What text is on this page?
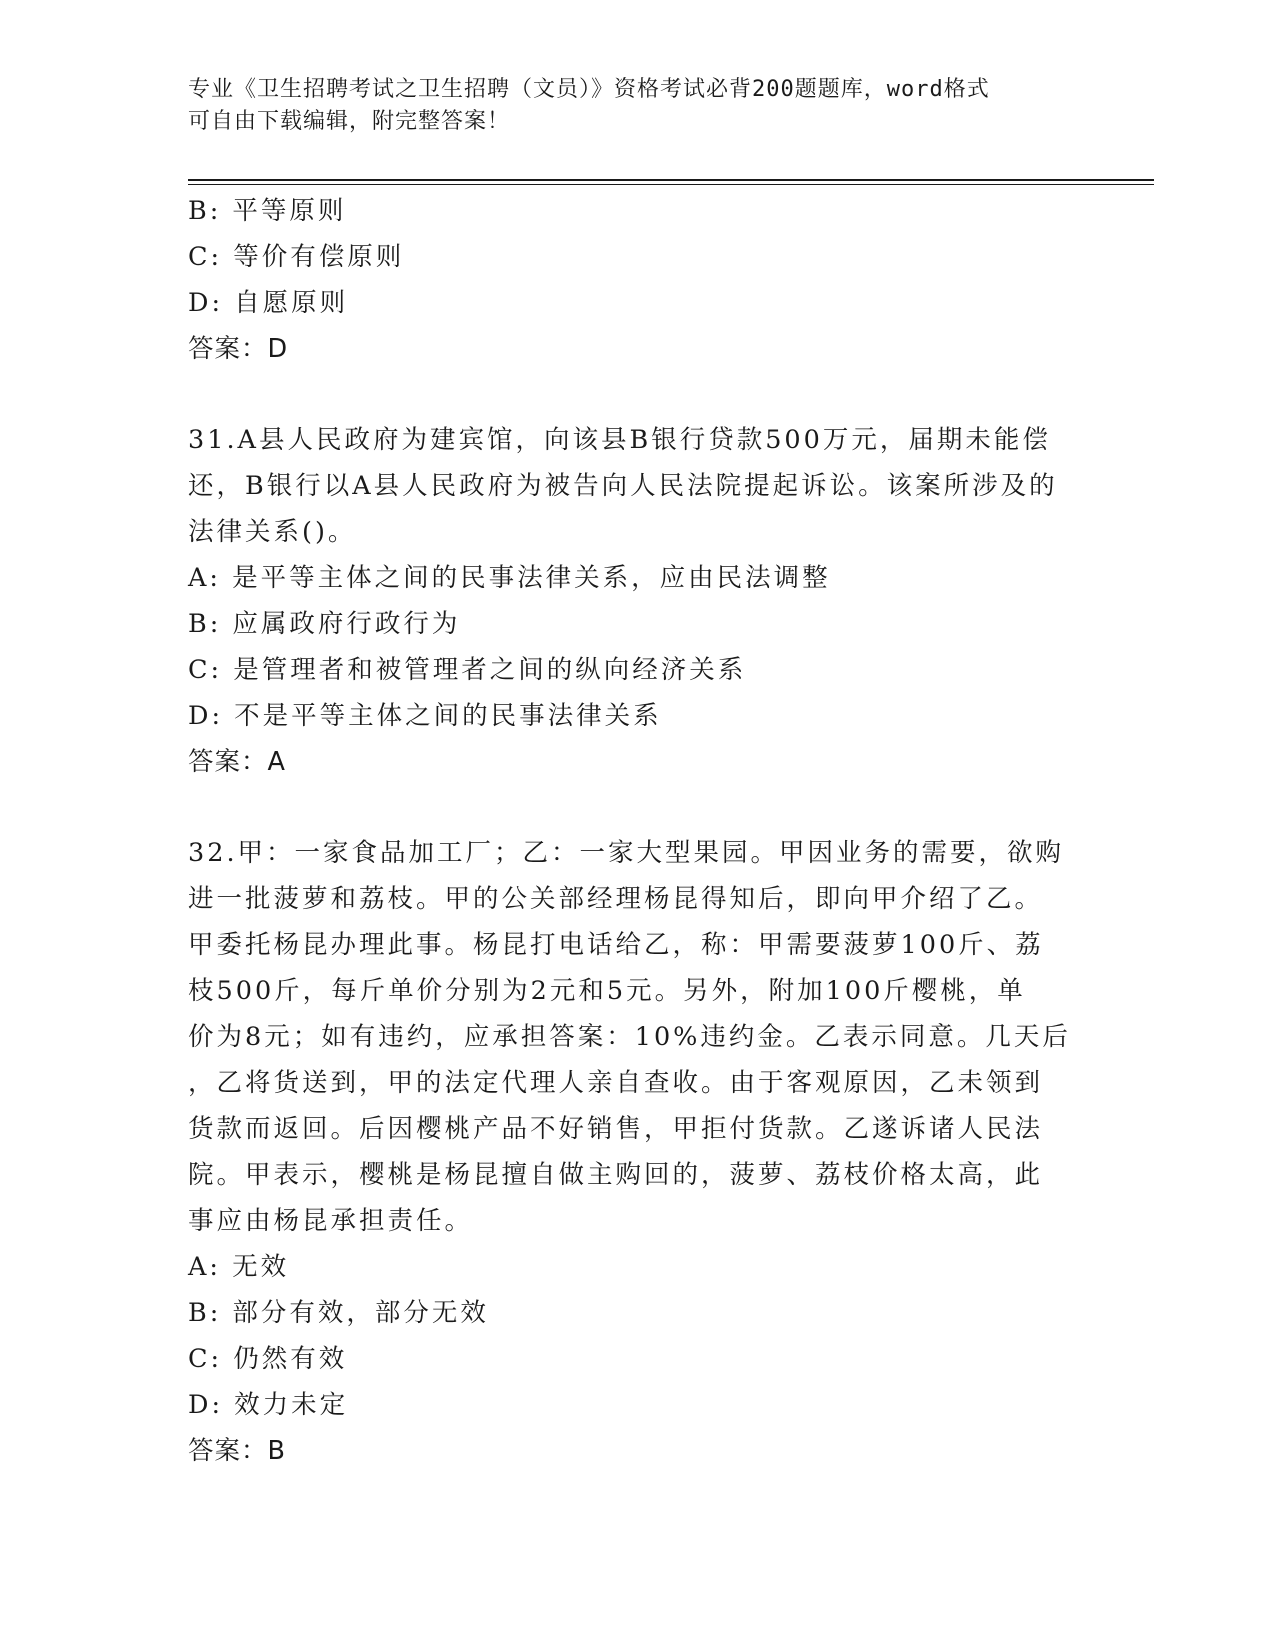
专业《卫生招聘考试之卫生招聘（文员）》资格考试必背200题题库，word格式
可自由下载编辑，附完整答案！
B: 平等原则
C: 等价有偿原则
D: 自愿原则
答案：D
31.A县人民政府为建宾馆，向该县B银行贷款500万元，届期未能偿
还，B银行以A县人民政府为被告向人民法院提起诉讼。该案所涉及的
法律关系()。
A: 是平等主体之间的民事法律关系，应由民法调整
B: 应属政府行政行为
C: 是管理者和被管理者之间的纵向经济关系
D: 不是平等主体之间的民事法律关系
答案：A
32.甲：一家食品加工厂；乙：一家大型果园。甲因业务的需要，欲购
进一批菠萝和荔枝。甲的公关部经理杨昆得知后，即向甲介绍了乙。
甲委托杨昆办理此事。杨昆打电话给乙，称：甲需要菠萝100斤、荔
枝500斤，每斤单价分别为2元和5元。另外，附加100斤樱桃，单
价为8元；如有违约，应承担答案：10%违约金。乙表示同意。几天后
，乙将货送到，甲的法定代理人亲自查收。由于客观原因，乙未领到
货款而返回。后因樱桃产品不好销售，甲拒付货款。乙遂诉诸人民法
院。甲表示，樱桃是杨昆擅自做主购回的，菠萝、荔枝价格太高，此
事应由杨昆承担责任。
A: 无效
B: 部分有效，部分无效
C: 仍然有效
D: 效力未定
答案：B
